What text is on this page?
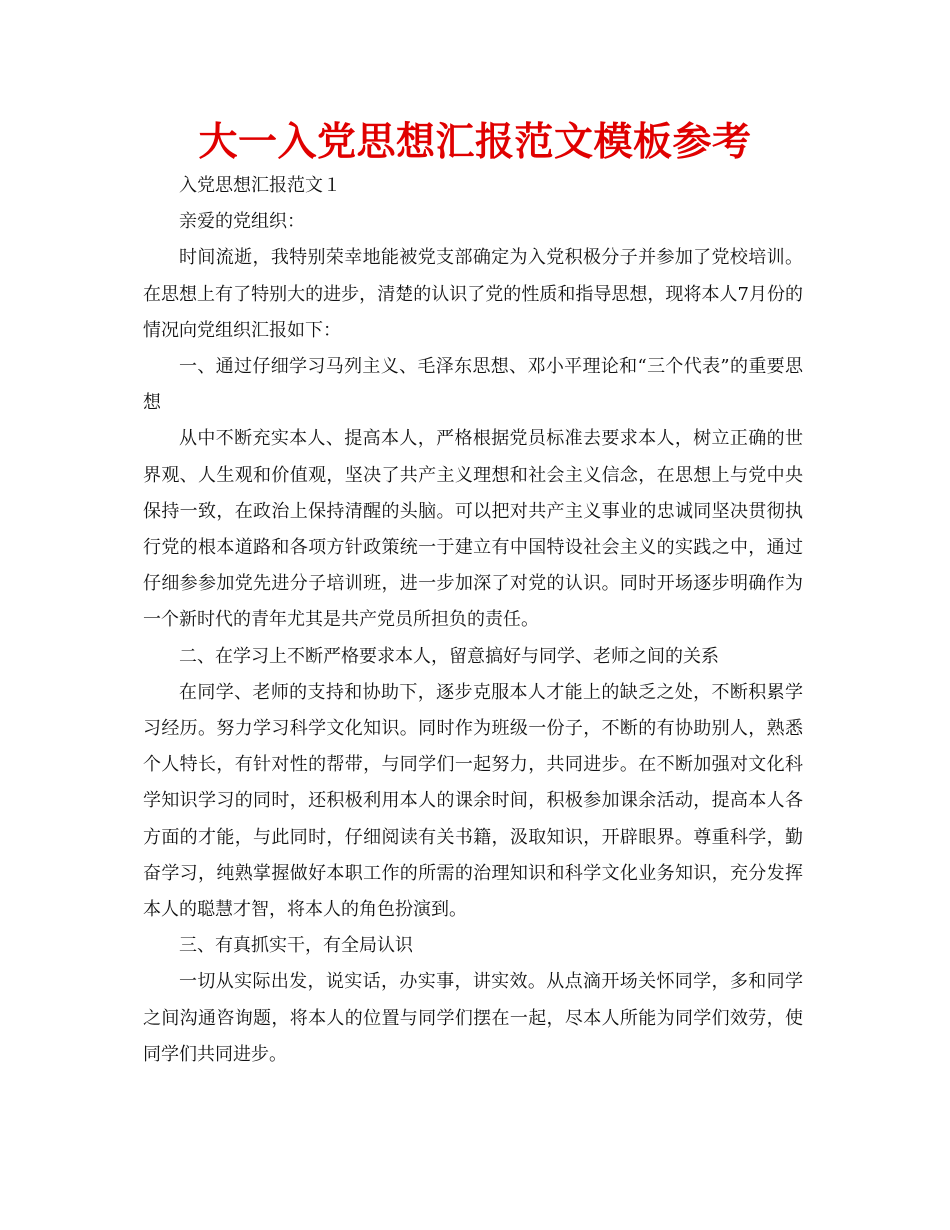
大一入党思想汇报范文模板参考

入党思想汇报范文１

亲爱的党组织：

时间流逝，我特别荣幸地能被党支部确定为入党积极分子并参加了党校培训。在思想上有了特别大的进步，清楚的认识了党的性质和指导思想，现将本人7月份的情况向党组织汇报如下：

一、通过仔细学习马列主义、毛泽东思想、邓小平理论和“三个代表”的重要思想

从中不断充实本人、提高本人，严格根据党员标准去要求本人，树立正确的世界观、人生观和价值观，坚决了共产主义理想和社会主义信念，在思想上与党中央保持一致，在政治上保持清醒的头脑。可以把对共产主义事业的忠诚同坚决贯彻执行党的根本道路和各项方针政策统一于建立有中国特设社会主义的实践之中，通过仔细参参加党先进分子培训班，进一步加深了对党的认识。同时开场逐步明确作为一个新时代的青年尤其是共产党员所担负的责任。

二、在学习上不断严格要求本人，留意搞好与同学、老师之间的关系

在同学、老师的支持和协助下，逐步克服本人才能上的缺乏之处，不断积累学习经历。努力学习科学文化知识。同时作为班级一份子，不断的有协助别人，熟悉个人特长，有针对性的帮带，与同学们一起努力，共同进步。在不断加强对文化科学知识学习的同时，还积极利用本人的课余时间，积极参加课余活动，提高本人各方面的才能，与此同时，仔细阅读有关书籍，汲取知识，开辟眼界。尊重科学，勤奋学习，纯熟掌握做好本职工作的所需的治理知识和科学文化业务知识，充分发挥本人的聪慧才智，将本人的角色扮演到。

三、有真抓实干，有全局认识

一切从实际出发，说实话，办实事，讲实效。从点滴开场关怀同学，多和同学之间沟通咨询题，将本人的位置与同学们摆在一起，尽本人所能为同学们效劳，使同学们共同进步。
